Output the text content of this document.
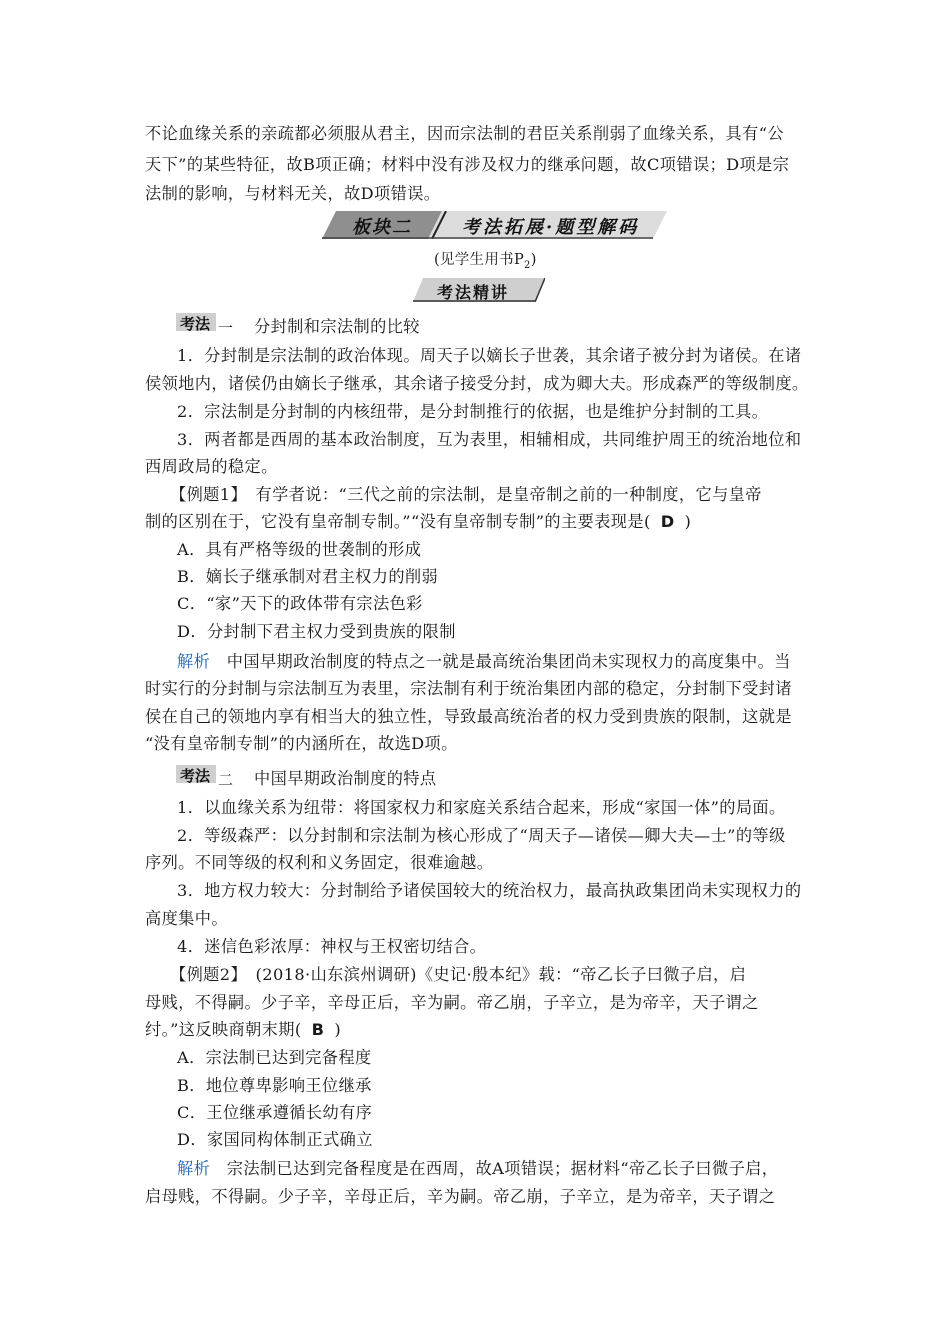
不论血缘关系的亲疏都必须服从君主，因而宗法制的君臣关系削弱了血缘关系，具有“公
天下”的某些特征，故B项正确；材料中没有涉及权力的继承问题，故C项错误；D项是宗
法制的影响，与材料无关，故D项错误。
板块二	考法拓展·题型解码
(见学生用书$P_2$)
考法精讲
考法 一 分封制和宗法制的比较
1．分封制是宗法制的政治体现。周天子以嫡长子世袭，其余诸子被分封为诸侯。在诸
侯领地内，诸侯仍由嫡长子继承，其余诸子接受分封，成为卿大夫。形成森严的等级制度。
2．宗法制是分封制的内核纽带，是分封制推行的依据，也是维护分封制的工具。
3．两者都是西周的基本政治制度，互为表里，相辅相成，共同维护周王的统治地位和
西周政局的稳定。
【例题1】　有学者说：“三代之前的宗法制，是皇帝制之前的一种制度，它与皇帝
制的区别在于，它没有皇帝制专制。”“没有皇帝制专制”的主要表现是( D )
A．具有严格等级的世袭制的形成
B．嫡长子继承制对君主权力的削弱
C．“家”天下的政体带有宗法色彩
D．分封制下君主权力受到贵族的限制
解析　中国早期政治制度的特点之一就是最高统治集团尚未实现权力的高度集中。当
时实行的分封制与宗法制互为表里，宗法制有利于统治集团内部的稳定，分封制下受封诸
侯在自己的领地内享有相当大的独立性，导致最高统治者的权力受到贵族的限制，这就是
“没有皇帝制专制”的内涵所在，故选D项。
考法 二 中国早期政治制度的特点
1．以血缘关系为纽带：将国家权力和家庭关系结合起来，形成“家国一体”的局面。
2．等级森严：以分封制和宗法制为核心形成了“周天子—诸侯—卿大夫—士”的等级
序列。不同等级的权利和义务固定，很难逾越。
3．地方权力较大：分封制给予诸侯国较大的统治权力，最高执政集团尚未实现权力的
高度集中。
4．迷信色彩浓厚：神权与王权密切结合。
【例题2】　(2018·山东滨州调研)《史记·殷本纪》载：“帝乙长子曰微子启，启
母贱，不得嗣。少子辛，辛母正后，辛为嗣。帝乙崩，子辛立，是为帝辛，天子谓之
纣。”这反映商朝末期( B )
A．宗法制已达到完备程度
B．地位尊卑影响王位继承
C．王位继承遵循长幼有序
D．家国同构体制正式确立
解析　宗法制已达到完备程度是在西周，故A项错误；据材料“帝乙长子曰微子启，
启母贱，不得嗣。少子辛，辛母正后，辛为嗣。帝乙崩，子辛立，是为帝辛，天子谓之
